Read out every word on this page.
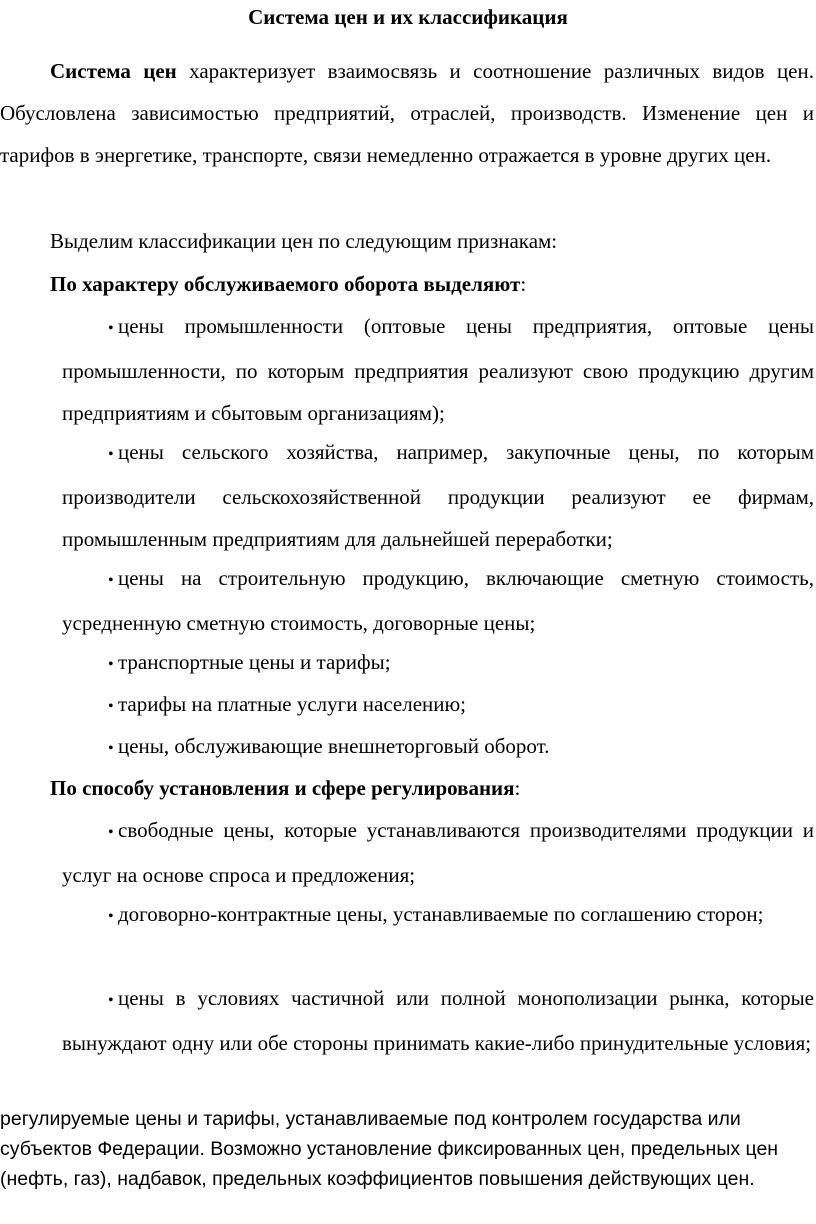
Система цен и их классификация

Система цен характеризует взаимосвязь и соотношение различных видов цен. Обусловлена зависимостью предприятий, отраслей, производств. Изменение цен и тарифов в энергетике, транспорте, связи немедленно отражается в уровне других цен.

Выделим классификации цен по следующим признакам:

По характеру обслуживаемого оборота выделяют:

• цены промышленности (оптовые цены предприятия, оптовые цены промышленности, по которым предприятия реализуют свою продукцию другим предприятиям и сбытовым организациям);

• цены сельского хозяйства, например, закупочные цены, по которым производители сельскохозяйственной продукции реализуют ее фирмам, промышленным предприятиям для дальнейшей переработки;

• цены на строительную продукцию, включающие сметную стоимость, усредненную сметную стоимость, договорные цены;

• транспортные цены и тарифы;

• тарифы на платные услуги населению;

• цены, обслуживающие внешнеторговый оборот.

По способу установления и сфере регулирования:

• свободные цены, которые устанавливаются производителями продукции и услуг на основе спроса и предложения;

• договорно-контрактные цены, устанавливаемые по соглашению сторон;

• цены в условиях частичной или полной монополизации рынка, которые вынуждают одну или обе стороны принимать какие-либо принудительные условия;

регулируемые цены и тарифы, устанавливаемые под контролем государства или субъектов Федерации. Возможно установление фиксированных цен, предельных цен (нефть, газ), надбавок, предельных коэффициентов повышения действующих цен.
